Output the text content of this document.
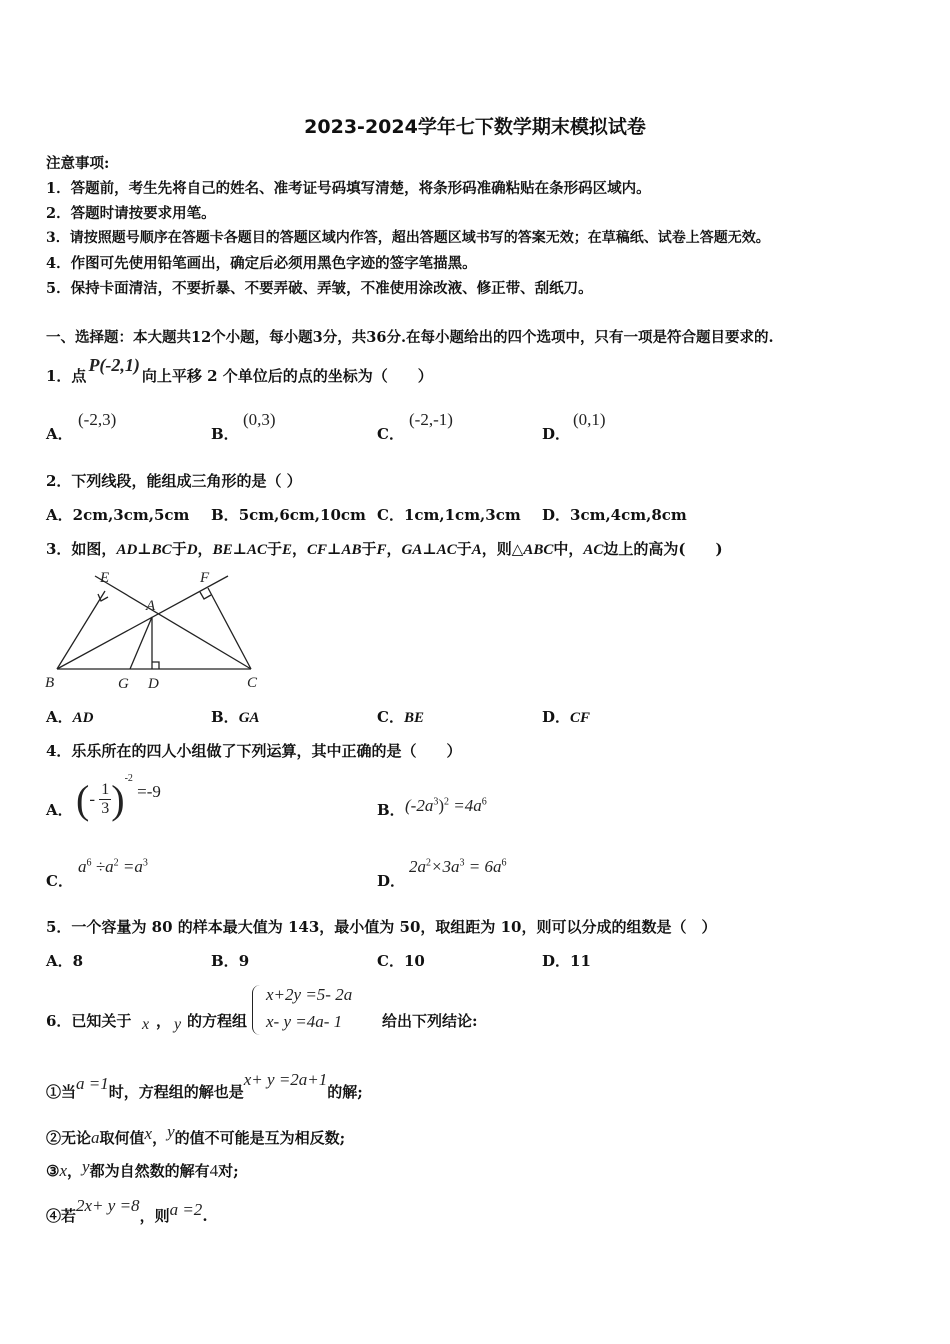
2023-2024学年七下数学期末模拟试卷
注意事项:
1．答题前，考生先将自己的姓名、准考证号码填写清楚，将条形码准确粘贴在条形码区域内。
2．答题时请按要求用笔。
3．请按照题号顺序在答题卡各题目的答题区域内作答，超出答题区域书写的答案无效；在草稿纸、试卷上答题无效。
4．作图可先使用铅笔画出，确定后必须用黑色字迹的签字笔描黑。
5．保持卡面清洁，不要折暴、不要弄破、弄皱，不准使用涂改液、修正带、刮纸刀。
一、选择题：本大题共12个小题，每小题3分，共36分.在每小题给出的四个选项中，只有一项是符合题目要求的.
1．点P(-2,1)向上平移 2 个单位后的点的坐标为（　　）
A．
(-2,3)
B．
(0,3)
C．
(-2,-1)
D．
(0,1)
2．下列线段，能组成三角形的是（ ）
A．2cm,3cm,5cm B．5cm,6cm,10cm C．1cm,1cm,3cm D．3cm,4cm,8cm
3．如图，AD⊥BC于D，BE⊥AC于E，CF⊥AB于F，GA⊥AC于A，则△ABC中，AC边上的高为(　　)
E	F
A
B	G D	C
A．AD	B．GA	C．BE	D．CF
4．乐乐所在的四人小组做了下列运算，其中正确的是（　　）
A． (- $\frac{1}{3} )^{-2} =-9$
B． $(-2a^3)^2 =4a^6$
C．
$a^6 \div a^2 =a^3$
D．
$2a^2\times 3a^3 = 6a^6$
5．一个容量为 80 的样本最大值为 143，最小值为 50，取组距为 10，则可以分成的组数是（　）
A．8	B．9	C．10	D．11
6．已知关于 x ， y 的方程组
x+2y =5- 2a
x- y =4a- 1	给出下列结论:
①当a =1时，方程组的解也是x+ y =2a+1的解;
②无论a取何值x，y的值不可能是互为相反数;
③x，y都为自然数的解有4对;
④若2x+ y =8，则a =2.
